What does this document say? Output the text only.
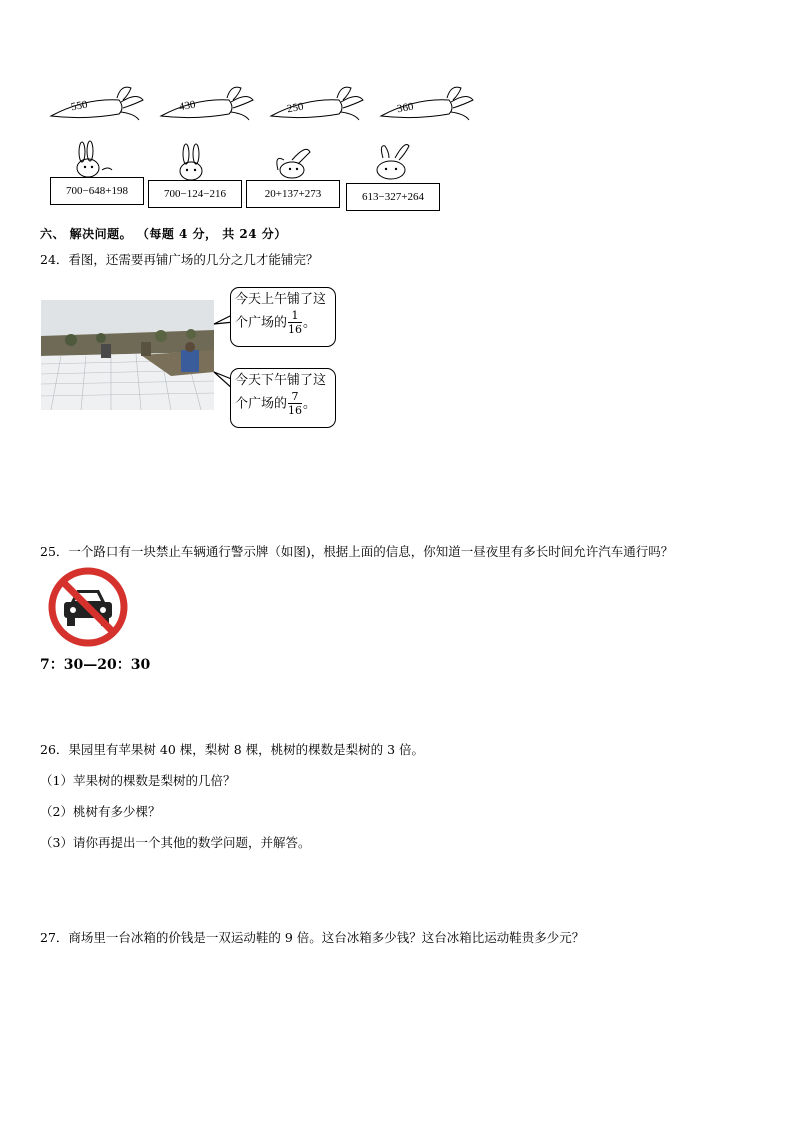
550	430	250	360
700−648+198	700−124−216	20+137+273	613−327+264
六、 解决问题。 （每题 4 分， 共 24 分）
24．看图，还需要再铺广场的几分之几才能铺完？
今天上午铺了这
个广场的 $\frac{1}{16}$ 。
今天下午铺了这
个广场的 $\frac{7}{16}$ 。
25．一个路口有一块禁止车辆通行警示牌（如图)，根据上面的信息，你知道一昼夜里有多长时间允许汽车通行吗？
7：30—20：30
26．果园里有苹果树 40 棵，梨树 8 棵，桃树的棵数是梨树的 3 倍。
（1）苹果树的棵数是梨树的几倍？
（2）桃树有多少棵？
（3）请你再提出一个其他的数学问题，并解答。
27．商场里一台冰箱的价钱是一双运动鞋的 9 倍。这台冰箱多少钱？这台冰箱比运动鞋贵多少元？
